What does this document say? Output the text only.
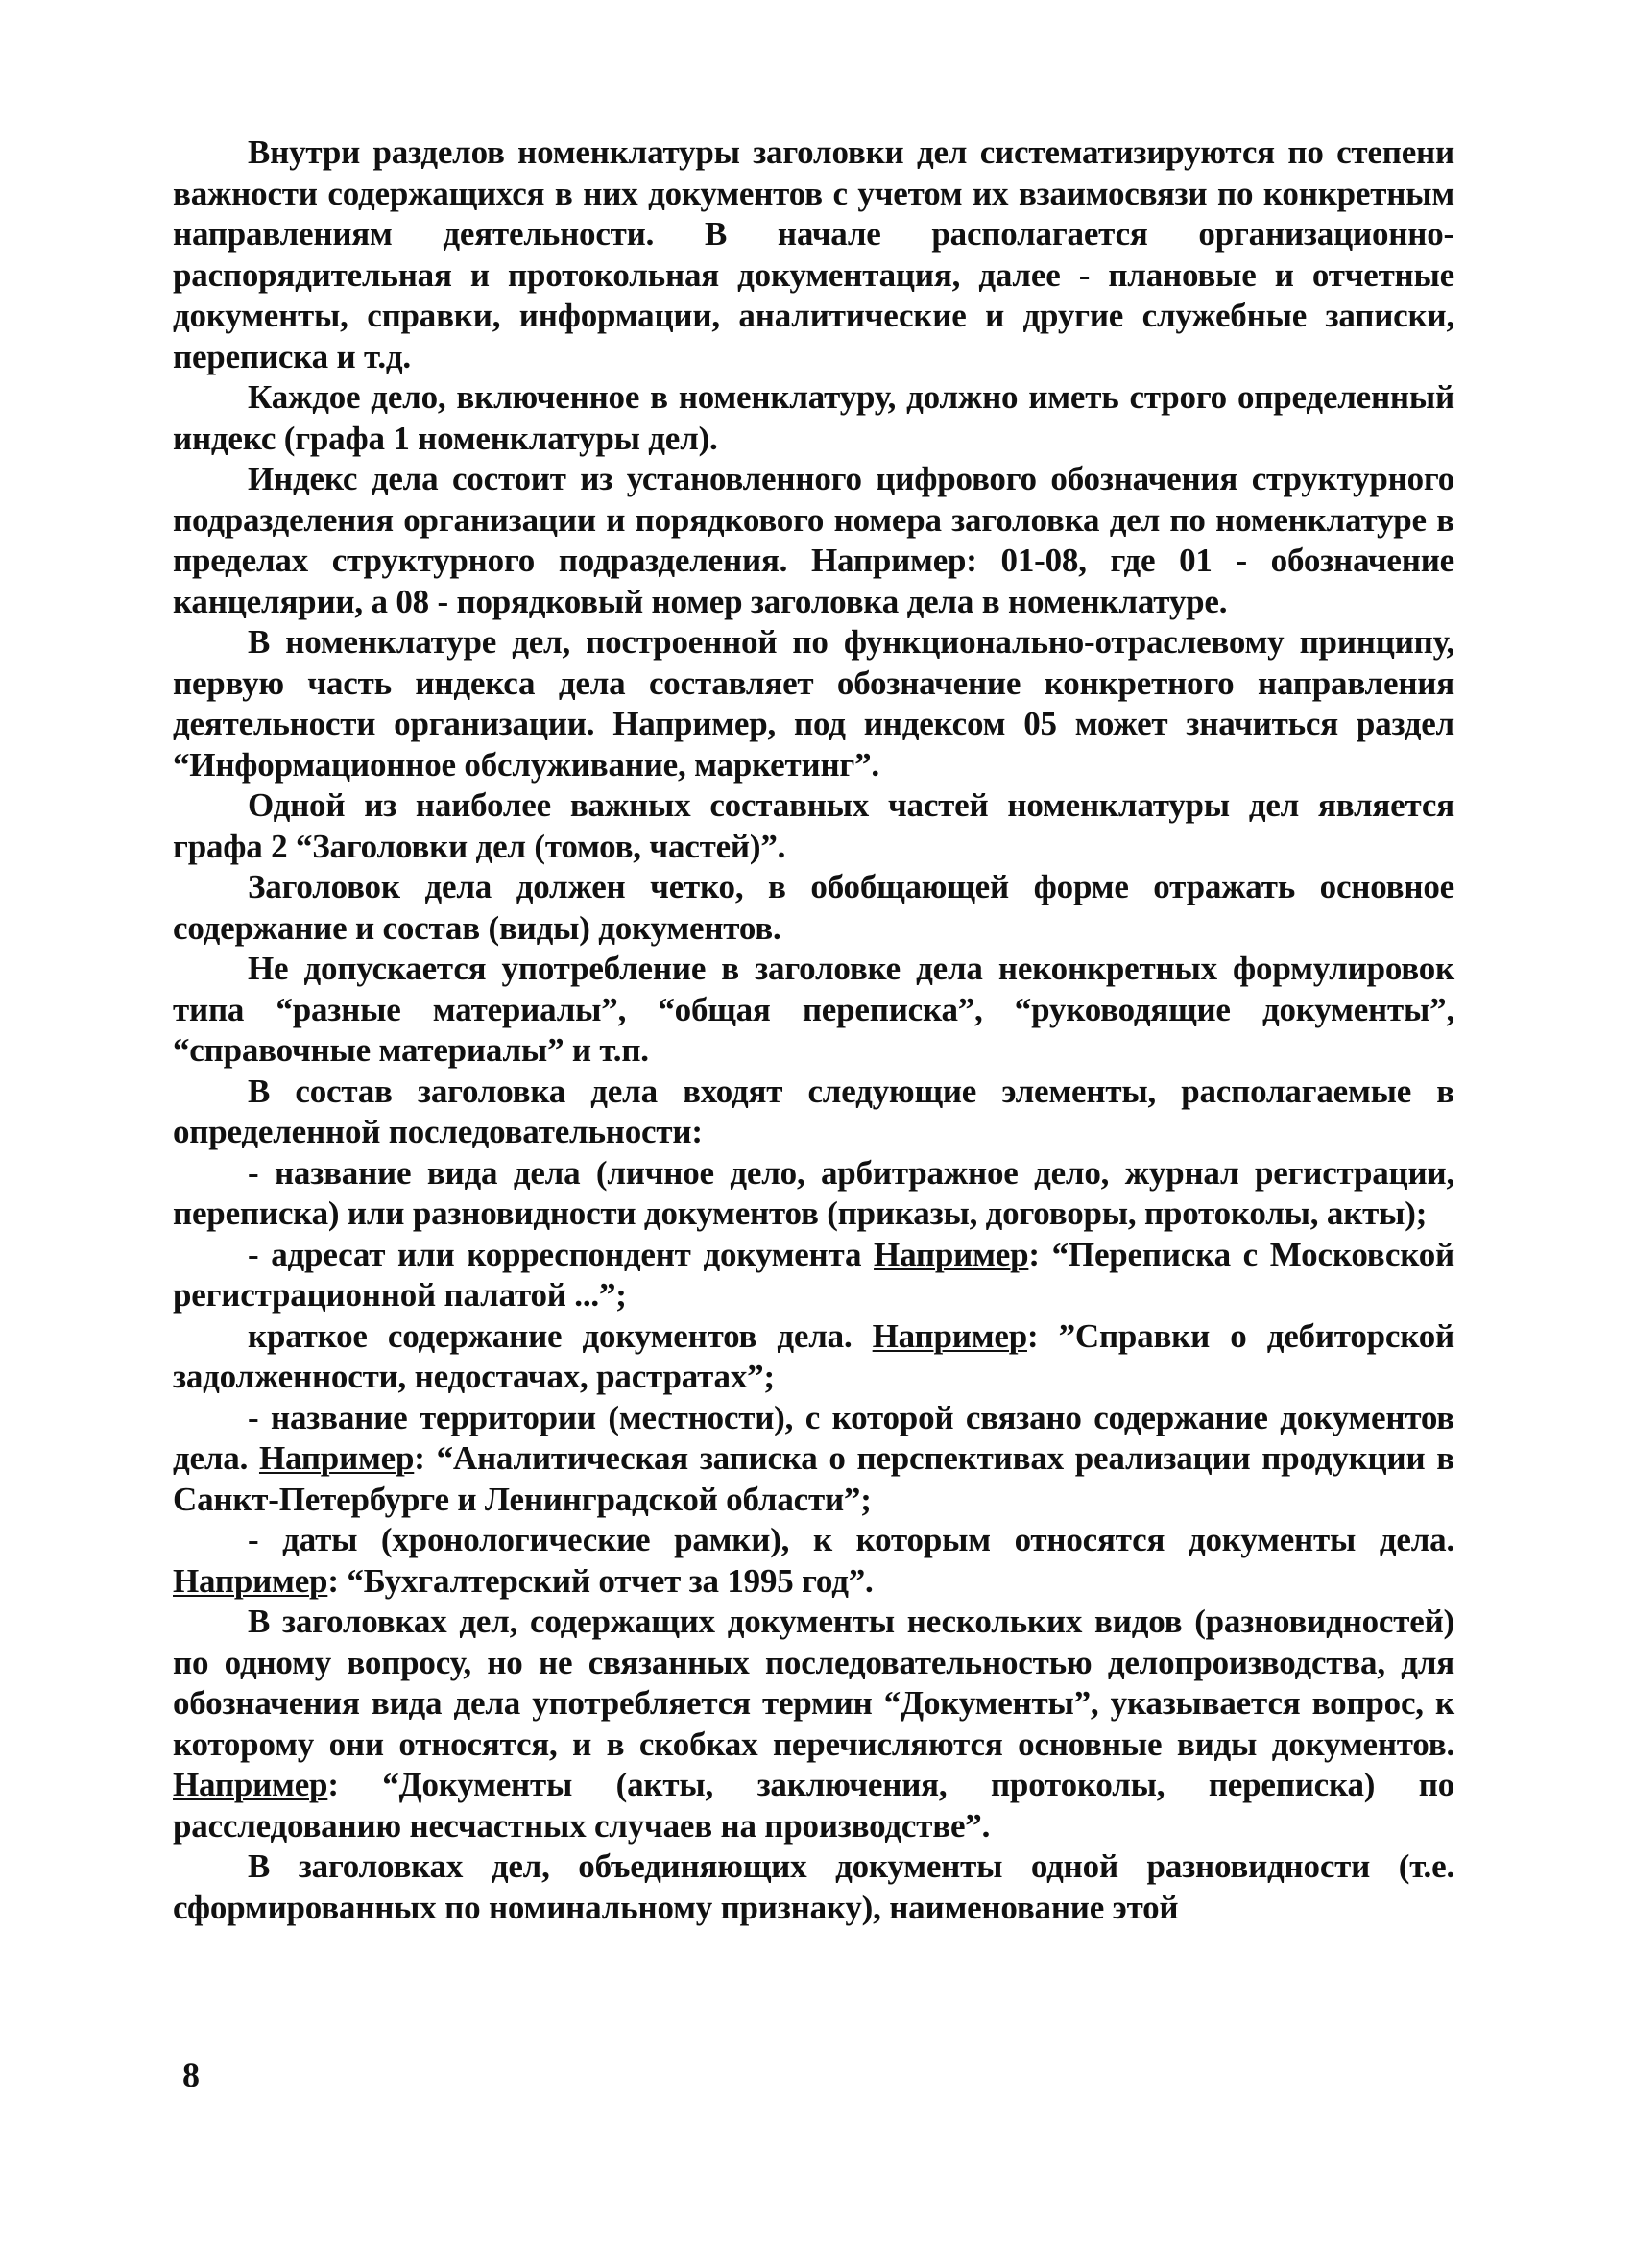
Внутри разделов номенклатуры заголовки дел систематизируются по степени важности содержащихся в них документов с учетом их взаимосвязи по конкретным направлениям деятельности. В начале располагается организационно-распорядительная и протокольная документация, далее - плановые и отчетные документы, справки, информации, аналитические и другие служебные записки, переписка и т.д.

Каждое дело, включенное в номенклатуру, должно иметь строго определенный индекс (графа 1 номенклатуры дел).

Индекс дела состоит из установленного цифрового обозначения структурного подразделения организации и порядкового номера заголовка дел по номенклатуре в пределах структурного подразделения. Например: 01-08, где 01 - обозначение канцелярии, а 08 - порядковый номер заголовка дела в номенклатуре.

В номенклатуре дел, построенной по функционально-отраслевому принципу, первую часть индекса дела составляет обозначение конкретного направления деятельности организации. Например, под индексом 05 может значиться раздел “Информационное обслуживание, маркетинг”.

Одной из наиболее важных составных частей номенклатуры дел является графа 2 “Заголовки дел (томов, частей)”.

Заголовок дела должен четко, в обобщающей форме отражать основное содержание и состав (виды) документов.

Не допускается употребление в заголовке дела неконкретных формулировок типа “разные материалы”, “общая переписка”, “руководящие документы”, “справочные материалы” и т.п.

В состав заголовка дела входят следующие элементы, располагаемые в определенной последовательности:

- название вида дела (личное дело, арбитражное дело, журнал регистрации, переписка) или разновидности документов (приказы, договоры, протоколы, акты);

- адресат или корреспондент документа Например: “Переписка с Московской регистрационной палатой ...”;

краткое содержание документов дела. Например: ”Справки о дебиторской задолженности, недостачах, растратах”;

- название территории (местности), с которой связано содержание документов дела. Например: “Аналитическая записка о перспективах реализации продукции в Санкт-Петербурге и Ленинградской области”;

- даты (хронологические рамки), к которым относятся документы дела. Например: “Бухгалтерский отчет за 1995 год”.

В заголовках дел, содержащих документы нескольких видов (разновидностей) по одному вопросу, но не связанных последовательностью делопроизводства, для обозначения вида дела употребляется термин “Документы”, указывается вопрос, к которому они относятся, и в скобках перечисляются основные виды документов. Например: “Документы (акты, заключения, протоколы, переписка) по расследованию несчастных случаев на производстве”.

В заголовках дел, объединяющих документы одной разновидности (т.е. сформированных по номинальному признаку), наименование этой

8
